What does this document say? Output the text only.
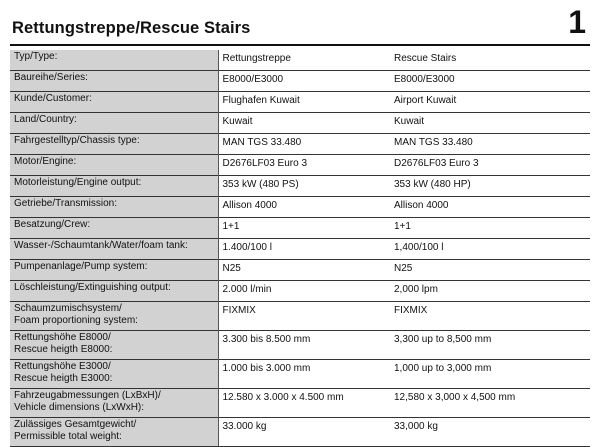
Rettungstreppe/Rescue Stairs	1
Typ/Type:	Rettungstreppe	Rescue Stairs

Baureihe/Series:	E8000/E3000	E8000/E3000

Kunde/Customer:	Flughafen Kuwait	Airport Kuwait

Land/Country:	Kuwait	Kuwait

Fahrgestelltyp/Chassis type:	MAN TGS 33.480	MAN TGS 33.480

Motor/Engine:	D2676LF03 Euro 3	D2676LF03 Euro 3

Motorleistung/Engine output:	353 kW (480 PS)	353 kW (480 HP)

Getriebe/Transmission:	Allison 4000	Allison 4000

Besatzung/Crew:	1+1	1+1

Wasser-/Schaumtank/Water/foam tank:	1.400/100 l	1,400/100 l

Pumpenanlage/Pump system:	N25	N25

Löschleistung/Extinguishing output:	2.000 l/min	2,000 lpm

Schaumzumischsystem/
Foam proportioning system:	FIXMIX	FIXMIX

Rettungshöhe E8000/
Rescue heigth E8000:	3.300 bis 8.500 mm	3,300 up to 8,500 mm

Rettungshöhe E3000/
Rescue heigth E3000:	1.000 bis 3.000 mm	1,000 up to 3,000 mm

Fahrzeugabmessungen (LxBxH)/
Vehicle dimensions (LxWxH):	12.580 x 3.000 x 4.500 mm	12,580 x 3,000 x 4,500 mm

Zulässiges Gesamtgewicht/
Permissible total weight:	33.000 kg	33,000 kg
